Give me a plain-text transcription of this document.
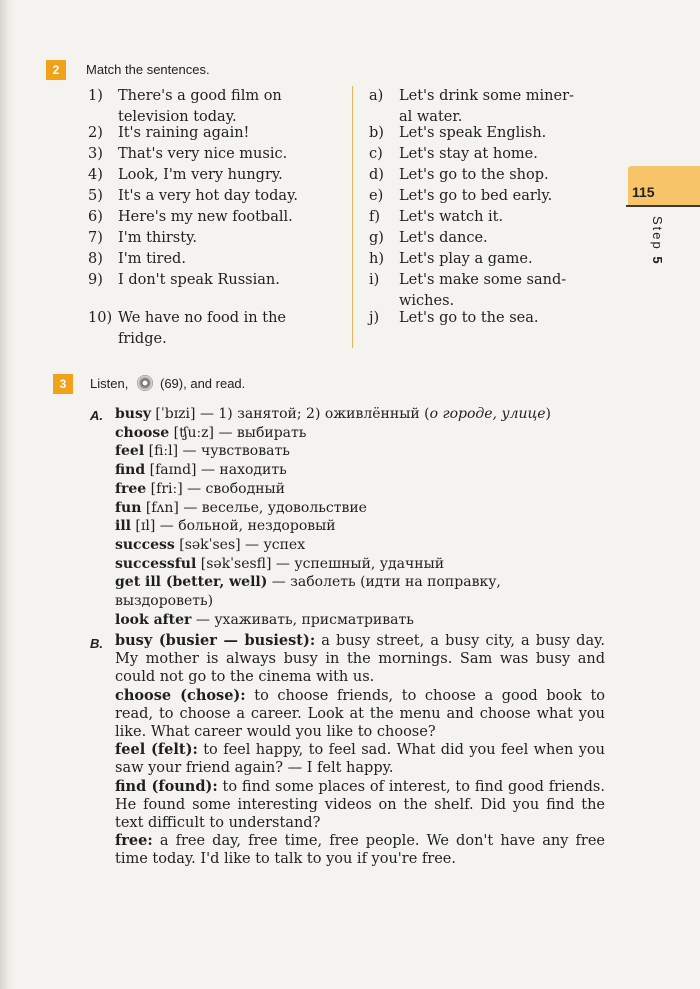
2	Match the sentences.
1) There's a good film on
television today.
2) It's raining again!
3) That's very nice music.
4) Look, I'm very hungry.
5) It's a very hot day today.
6) Here's my new football.
7) I'm thirsty.
8) I'm tired.
9) I don't speak Russian.
10) We have no food in the
fridge.
a) Let's drink some miner-
al water.
b) Let's speak English.
c) Let's stay at home.
d) Let's go to the shop.
e) Let's go to bed early.
f) Let's watch it.
g) Let's dance.
h) Let's play a game.
i) Let's make some sand-
wiches.
j) Let's go to the sea.
115
Step 5
3	Listen, (69), and read.
A. busy [ˈbɪzi] — 1) занятой; 2) оживлённый (о городе, улице)
choose [ʧuːz] — выбирать
feel [fiːl] — чувствовать
find [faɪnd] — находить
free [friː] — свободный
fun [fʌn] — веселье, удовольствие
ill [ɪl] — больной, нездоровый
success [səkˈses] — успех
successful [səkˈsesfl] — успешный, удачный
get ill (better, well) — заболеть (идти на поправку,
выздороветь)
look after — ухаживать, присматривать
B. busy (busier — busiest): a busy street, a busy city, a busy day. My mother is always busy in the mornings. Sam was busy and could not go to the cinema with us.

choose (chose): to choose friends, to choose a good book to read, to choose a career. Look at the menu and choose what you like. What career would you like to choose?

feel (felt): to feel happy, to feel sad. What did you feel when you saw your friend again? — I felt happy.

find (found): to find some places of interest, to find good friends. He found some interesting videos on the shelf. Did you find the text difficult to understand?

free: a free day, free time, free people. We don't have any free time today. I'd like to talk to you if you're free.
